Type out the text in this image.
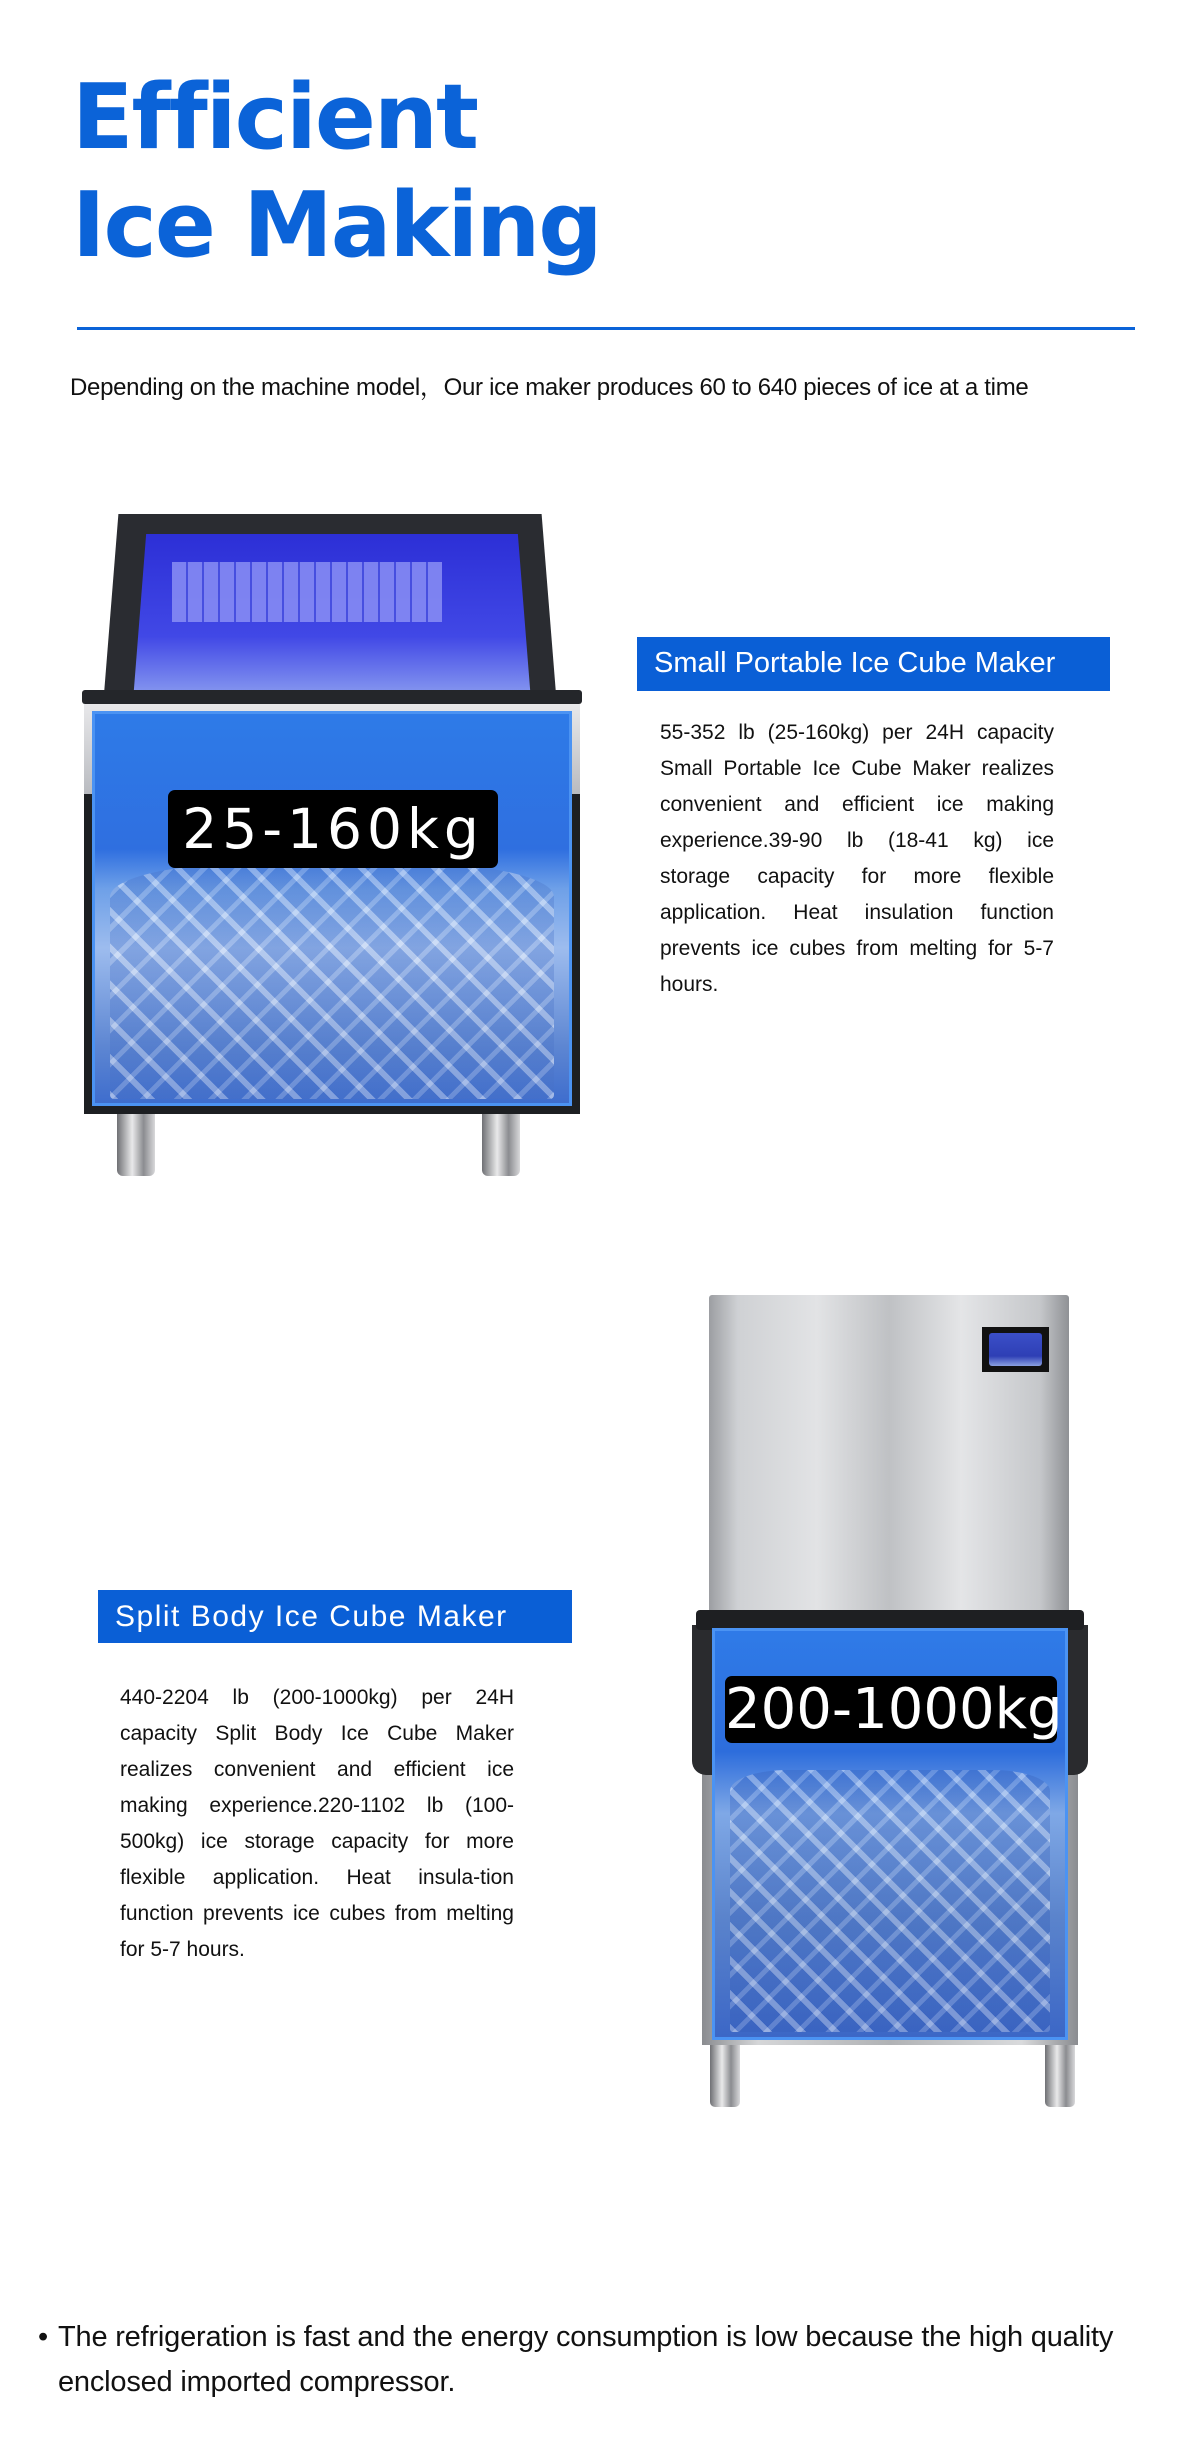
Efficient
Ice Making
Depending on the machine model，Our ice maker produces 60 to 640 pieces of ice at a time
25-160kg
Small Portable Ice Cube Maker
55-352 lb (25-160kg) per 24H capacity Small Portable Ice Cube Maker realizes convenient and efficient ice making experience.39-90 lb (18-41 kg) ice storage capacity for more flexible application. Heat insulation function prevents ice cubes from melting for 5-7 hours.
Split Body Ice Cube Maker
440-2204 lb (200-1000kg) per 24H capacity Split Body Ice Cube Maker realizes convenient and efficient ice making experience.220-1102 lb (100-500kg) ice storage capacity for more flexible application. Heat insula-tion function prevents ice cubes from melting for 5-7 hours.
200-1000kg
• The refrigeration is fast and the energy consumption is low because the high quality
enclosed imported compressor.
